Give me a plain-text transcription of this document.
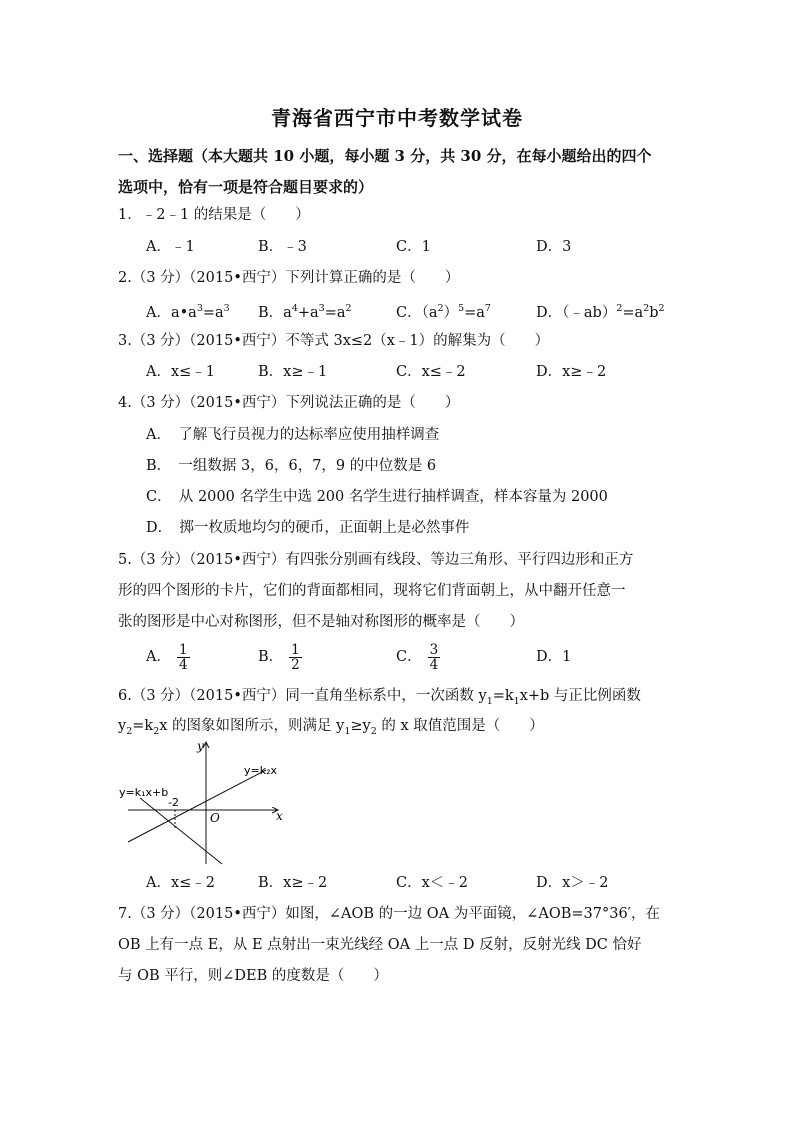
青海省西宁市中考数学试卷
一、选择题（本大题共 10 小题，每小题 3 分，共 30 分，在每小题给出的四个
选项中，恰有一项是符合题目要求的）
1．﹣2﹣1 的结果是（　　）
A．﹣1	B．﹣3	C．1	D．3
2.（3 分）（2015•西宁）下列计算正确的是（　　）
A．$a•a^3=a^3$ B．$a^4+a^3=a^2$	C．$(a^2)^5=a^7$	D．$(﹣ab)^2=a^2b^2$
3.（3 分）（2015•西宁）不等式 3x≤2（x﹣1）的解集为（　　）
A．x≤﹣1	B．x≥﹣1	C．x≤﹣2	D．x≥﹣2
4.（3 分）（2015•西宁）下列说法正确的是（　　）
A．　了解飞行员视力的达标率应使用抽样调查
B．　一组数据 3，6，6，7，9 的中位数是 6
C．　从 2000 名学生中选 200 名学生进行抽样调查，样本容量为 2000
D．　掷一枚质地均匀的硬币，正面朝上是必然事件
5.（3 分）（2015•西宁）有四张分别画有线段、等边三角形、平行四边形和正方
形的四个图形的卡片，它们的背面都相同，现将它们背面朝上，从中翻开任意一
张的图形是中心对称图形，但不是轴对称图形的概率是（　　）
A． $\frac{1}{4}$	B． $\frac{1}{2}$	C． $\frac{3}{4}$	D．1
6.（3 分）（2015•西宁）同一直角坐标系中，一次函数 $y_1=k_1x+b$ 与正比例函数
$y_2=k_2x$ 的图象如图所示，则满足 $y_1\ge y_2$ 的 x 取值范围是（　　）
y
x
O
y=k₁x+b
y=k₂x
-2
A．x≤﹣2	B．x≥﹣2	C．x＜﹣2	D．x＞﹣2
7.（3 分）（2015•西宁）如图，∠AOB 的一边 OA 为平面镜，∠AOB=37°36′，在
OB 上有一点 E，从 E 点射出一束光线经 OA 上一点 D 反射，反射光线 DC 恰好
与 OB 平行，则∠DEB 的度数是（　　）
